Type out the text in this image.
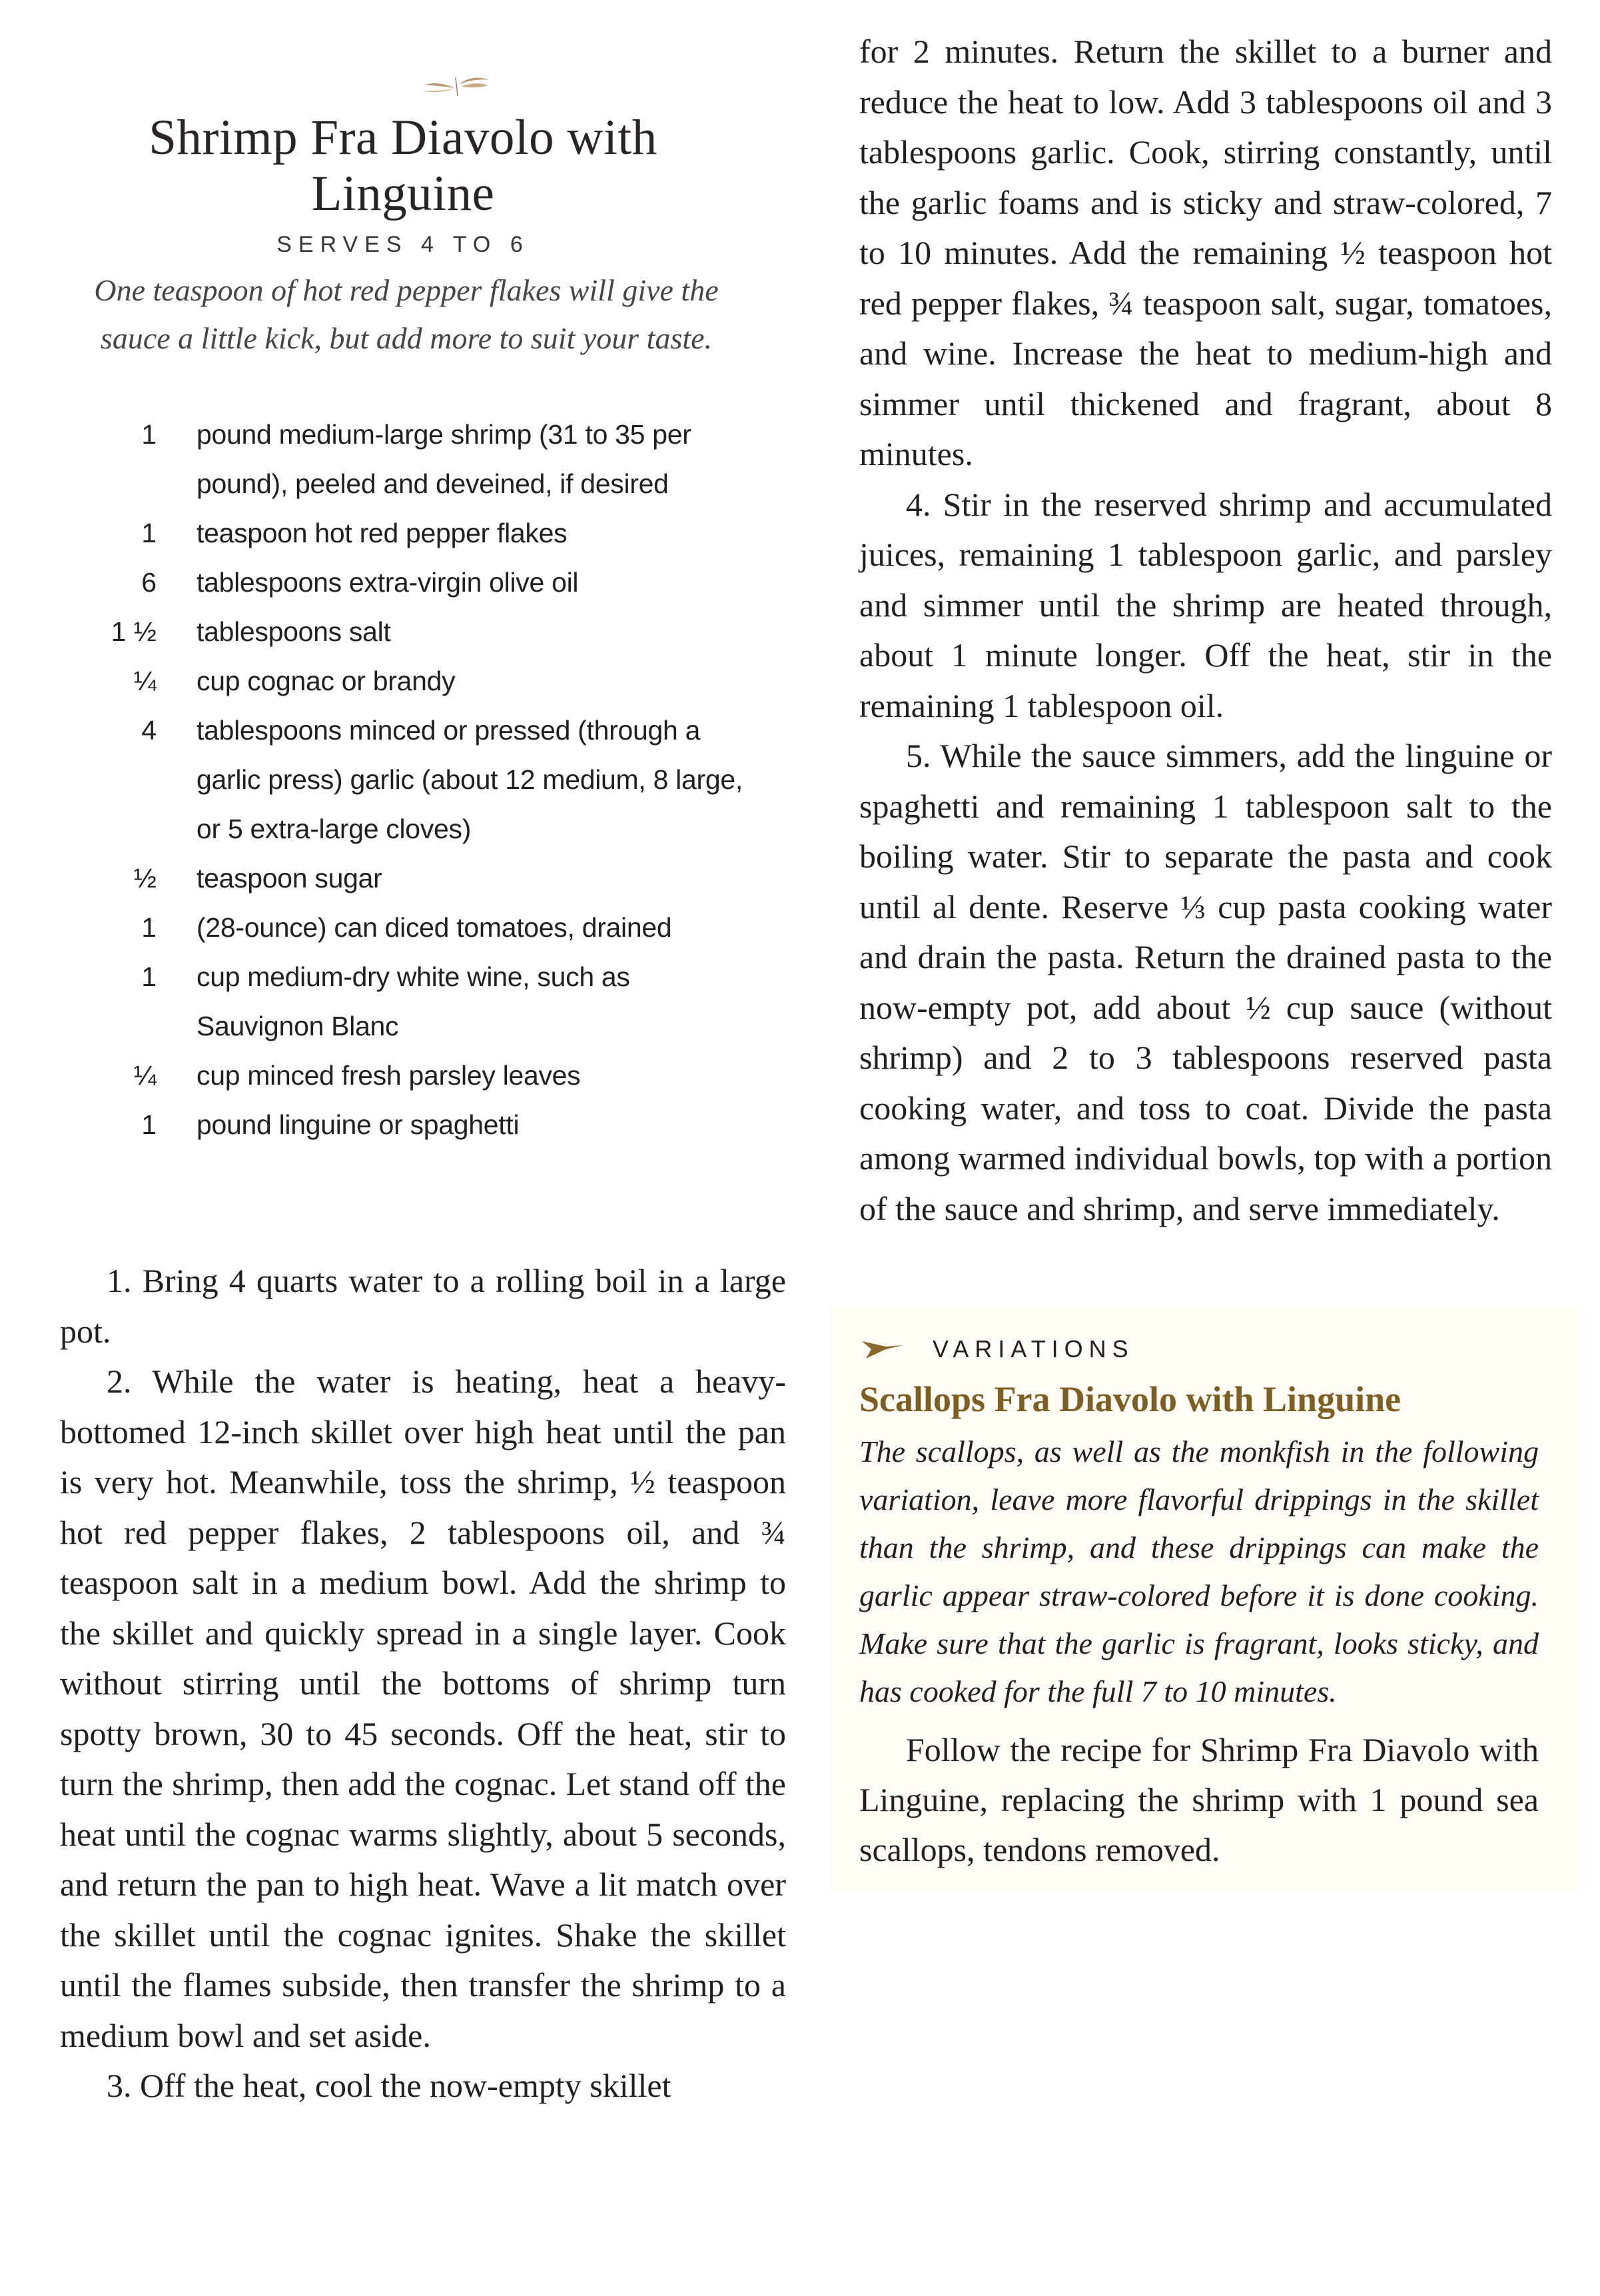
Shrimp Fra Diavolo with Linguine
SERVES 4 TO 6
One teaspoon of hot red pepper flakes will give the sauce a little kick, but add more to suit your taste.
1	pound medium-large shrimp (31 to 35 per pound), peeled and deveined, if desired
1	teaspoon hot red pepper flakes
6	tablespoons extra-virgin olive oil
1 ½	tablespoons salt
¼	cup cognac or brandy
4	tablespoons minced or pressed (through a garlic press) garlic (about 12 medium, 8 large, or 5 extra-large cloves)
½	teaspoon sugar
1	(28-ounce) can diced tomatoes, drained
1	cup medium-dry white wine, such as Sauvignon Blanc
¼	cup minced fresh parsley leaves
1	pound linguine or spaghetti

1. Bring 4 quarts water to a rolling boil in a large pot.

2. While the water is heating, heat a heavy-bottomed 12-inch skillet over high heat until the pan is very hot. Meanwhile, toss the shrimp, ½ teaspoon hot red pepper flakes, 2 tablespoons oil, and ¾ teaspoon salt in a medium bowl. Add the shrimp to the skillet and quickly spread in a single layer. Cook without stirring until the bottoms of shrimp turn spotty brown, 30 to 45 seconds. Off the heat, stir to turn the shrimp, then add the cognac. Let stand off the heat until the cognac warms slightly, about 5 seconds, and return the pan to high heat. Wave a lit match over the skillet until the cognac ignites. Shake the skillet until the flames subside, then transfer the shrimp to a medium bowl and set aside.

3. Off the heat, cool the now-empty skillet

for 2 minutes. Return the skillet to a burner and reduce the heat to low. Add 3 tablespoons oil and 3 tablespoons garlic. Cook, stirring constantly, until the garlic foams and is sticky and straw-colored, 7 to 10 minutes. Add the remaining ½ teaspoon hot red pepper flakes, ¾ teaspoon salt, sugar, tomatoes, and wine. Increase the heat to medium-high and simmer until thickened and fragrant, about 8 minutes.

4. Stir in the reserved shrimp and accumulated juices, remaining 1 tablespoon garlic, and parsley and simmer until the shrimp are heated through, about 1 minute longer. Off the heat, stir in the remaining 1 tablespoon oil.

5. While the sauce simmers, add the linguine or spaghetti and remaining 1 tablespoon salt to the boiling water. Stir to separate the pasta and cook until al dente. Reserve ⅓ cup pasta cooking water and drain the pasta. Return the drained pasta to the now-empty pot, add about ½ cup sauce (without shrimp) and 2 to 3 tablespoons reserved pasta cooking water, and toss to coat. Divide the pasta among warmed individual bowls, top with a portion of the sauce and shrimp, and serve immediately.

VARIATIONS
Scallops Fra Diavolo with Linguine
The scallops, as well as the monkfish in the following variation, leave more flavorful drippings in the skillet than the shrimp, and these drippings can make the garlic appear straw-colored before it is done cooking. Make sure that the garlic is fragrant, looks sticky, and has cooked for the full 7 to 10 minutes.
Follow the recipe for Shrimp Fra Diavolo with Linguine, replacing the shrimp with 1 pound sea scallops, tendons removed.
